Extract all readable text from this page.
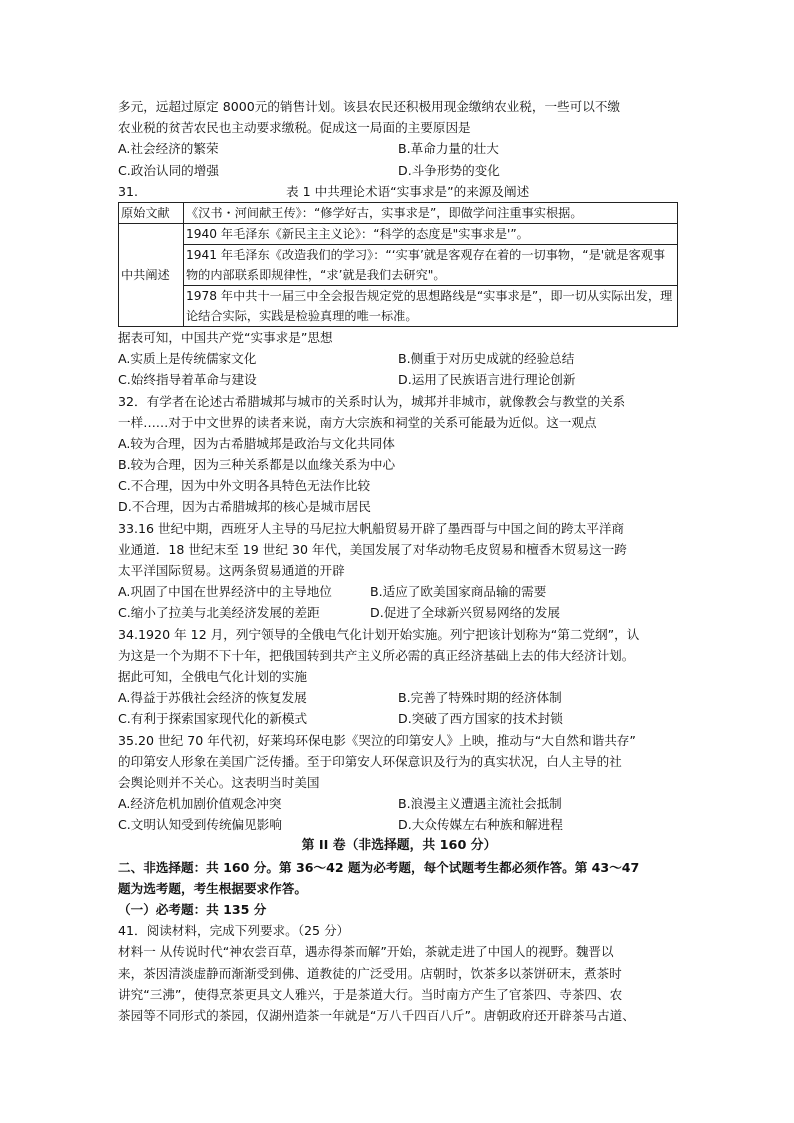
多元，远超过原定 8000元的销售计划。该县农民还积极用现金缴纳农业税，一些可以不缴
农业税的贫苦农民也主动要求缴税。促成这一局面的主要原因是
A.社会经济的繁荣	B.革命力量的壮大
C.政治认同的增强	D.斗争形势的变化
31.	表 1 中共理论术语“实事求是”的来源及阐述
原始文献	《汉书・河间献王传》：“修学好古，实事求是”，即做学问注重事实根据。
中共阐述	1940 年毛泽东《新民主主义论》：“科学的态度是"实事求是'”。
	1941 年毛泽东《改造我们的学习》：“‘实事’就是客观存在着的一切事物，“是'就是客观事物的内部联系即规律性，“求’就是我们去研究"。
	1978 年中共十一届三中全会报告规定党的思想路线是“实事求是”，即一切从实际出发，理论结合实际，实践是检验真理的唯一标准。
据表可知，中国共产党“实事求是”思想
A.实质上是传统儒家文化	B.侧重于对历史成就的经验总结
C.始终指导着革命与建设	D.运用了民族语言进行理论创新
32．有学者在论述古希腊城邦与城市的关系时认为，城邦并非城市，就像教会与教堂的关系
一样……对于中文世界的读者来说，南方大宗族和祠堂的关系可能最为近似。这一观点
A.较为合理，因为古希腊城邦是政治与文化共同体
B.较为合理，因为三种关系都是以血缘关系为中心
C.不合理，因为中外文明各具特色无法作比较
D.不合理，因为古希腊城邦的核心是城市居民
33.16 世纪中期，西班牙人主导的马尼拉大帆船贸易开辟了墨西哥与中国之间的跨太平洋商
业通道．18 世纪末至 19 世纪 30 年代，美国发展了对华动物毛皮贸易和檀香木贸易这一跨
太平洋国际贸易。这两条贸易通道的开辟
A.巩固了中国在世界经济中的主导地位	B.适应了欧美国家商品输的需要
C.缩小了拉美与北美经济发展的差距	D.促进了全球新兴贸易网络的发展
34.1920 年 12 月，列宁领导的全俄电气化计划开始实施。列宁把该计划称为“第二党纲”，认
为这是一个为期不下十年，把俄国转到共产主义所必需的真正经济基础上去的伟大经济计划。
据此可知，全俄电气化计划的实施
A.得益于苏俄社会经济的恢复发展	B.完善了特殊时期的经济体制
C.有利于探索国家现代化的新模式	D.突破了西方国家的技术封锁
35.20 世纪 70 年代初，好莱坞环保电影《哭泣的印第安人》上映，推动与“大自然和谐共存”
的印第安人形象在美国广泛传播。至于印第安人环保意识及行为的真实状况，白人主导的社
会舆论则并不关心。这表明当时美国
A.经济危机加剧价值观念冲突	B.浪漫主义遭遇主流社会抵制
C.文明认知受到传统偏见影响	D.大众传媒左右种族和解进程
第 II 卷（非选择题，共 160 分）
二、非选择题：共 160 分。第 36～42 题为必考题，每个试题考生都必须作答。第 43～47
题为选考题，考生根据要求作答。
（一）必考题：共 135 分
41．阅读材料，完成下列要求。（25 分）
材料一 从传说时代“神农尝百草，遇赤得茶而解”开始，茶就走进了中国人的视野。魏晋以
来，茶因清淡虚静而渐渐受到佛、道教徒的广泛受用。店朝时，饮茶多以茶饼研末，煮茶时
讲究“三沸”，使得烹茶更具文人雅兴，于是茶道大行。当时南方产生了官茶四、寺茶四、农
茶园等不同形式的茶园，仅湖州造茶一年就是“万八千四百八斤”。唐朝政府还开辟茶马古道、
